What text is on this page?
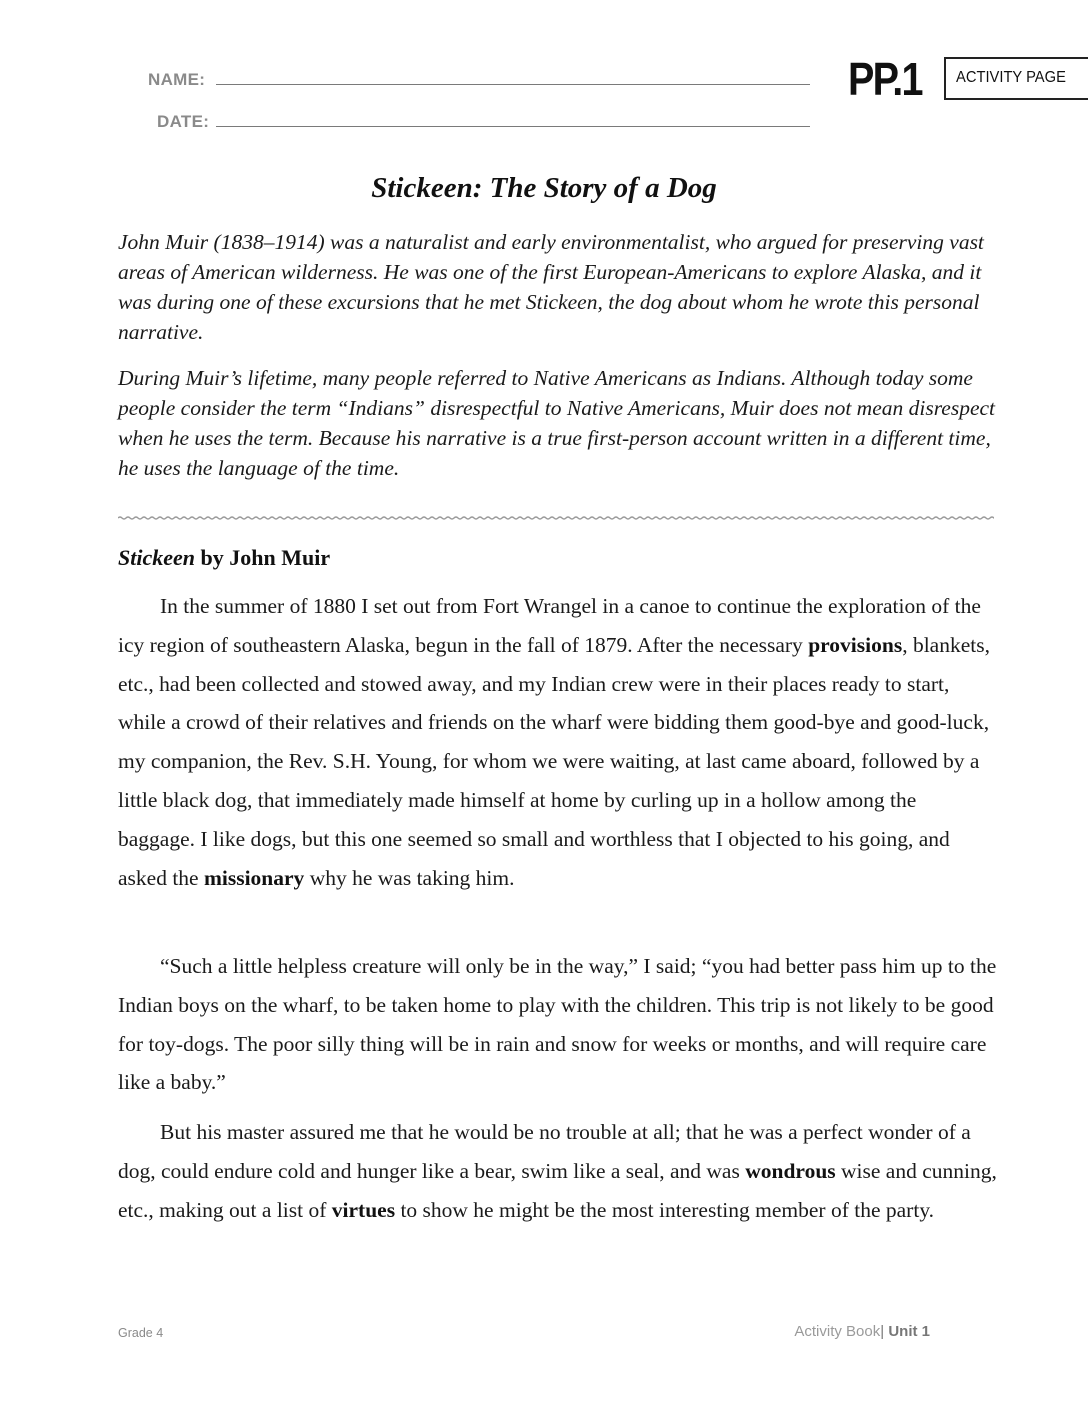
NAME:
DATE:
PP.1 ACTIVITY PAGE
Stickeen: The Story of a Dog

John Muir (1838–1914) was a naturalist and early environmentalist, who argued for preserving vast areas of American wilderness. He was one of the first European-Americans to explore Alaska, and it was during one of these excursions that he met Stickeen, the dog about whom he wrote this personal narrative.

During Muir’s lifetime, many people referred to Native Americans as Indians. Although today some people consider the term “Indians” disrespectful to Native Americans, Muir does not mean disrespect when he uses the term. Because his narrative is a true first-person account written in a different time, he uses the language of the time.

Stickeen by John Muir

In the summer of 1880 I set out from Fort Wrangel in a canoe to continue the exploration of the icy region of southeastern Alaska, begun in the fall of 1879. After the necessary provisions, blankets, etc., had been collected and stowed away, and my Indian crew were in their places ready to start, while a crowd of their relatives and friends on the wharf were bidding them good-bye and good-luck, my companion, the Rev. S.H. Young, for whom we were waiting, at last came aboard, followed by a little black dog, that immediately made himself at home by curling up in a hollow among the baggage. I like dogs, but this one seemed so small and worthless that I objected to his going, and asked the missionary why he was taking him.

“Such a little helpless creature will only be in the way,” I said; “you had better pass him up to the Indian boys on the wharf, to be taken home to play with the children. This trip is not likely to be good for toy-dogs. The poor silly thing will be in rain and snow for weeks or months, and will require care like a baby.”

But his master assured me that he would be no trouble at all; that he was a perfect wonder of a dog, could endure cold and hunger like a bear, swim like a seal, and was wondrous wise and cunning, etc., making out a list of virtues to show he might be the most interesting member of the party.

Grade 4	Activity Book| Unit 1
